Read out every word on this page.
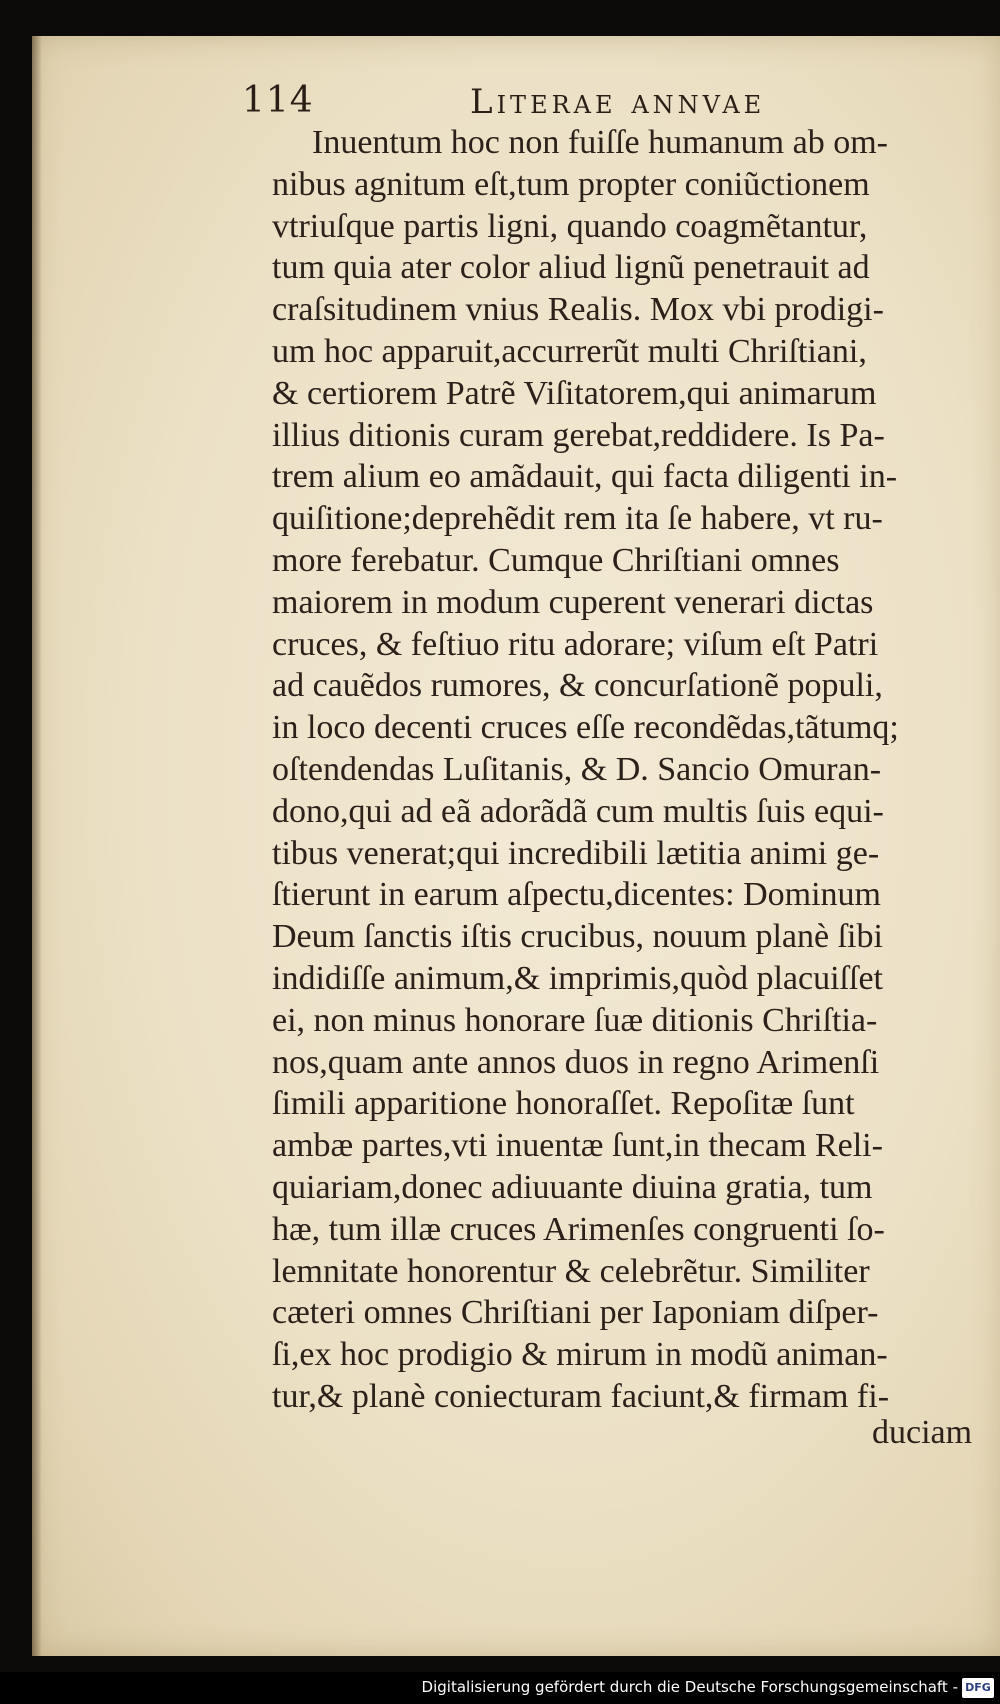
114	Literae annvae
Inuentum hoc non fuiſſe humanum ab om-
nibus agnitum eſt,tum propter coniũctionem
vtriuſque partis ligni, quando coagmẽtantur,
tum quia ater color aliud lignũ penetrauit ad
craſsitudinem vnius Realis. Mox vbi prodigi-
um hoc apparuit,accurrerũt multi Chriſtiani,
& certiorem Patrẽ Viſitatorem,qui animarum
illius ditionis curam gerebat,reddidere. Is Pa-
trem alium eo amãdauit, qui facta diligenti in-
quiſitione;deprehẽdit rem ita ſe habere, vt ru-
more ferebatur. Cumque Chriſtiani omnes
maiorem in modum cuperent venerari dictas
cruces, & feſtiuo ritu adorare; viſum eſt Patri
ad cauẽdos rumores, & concurſationẽ populi,
in loco decenti cruces eſſe recondẽdas,tãtumq;
oſtendendas Luſitanis, & D. Sancio Omuran-
dono,qui ad eã adorãdã cum multis ſuis equi-
tibus venerat;qui incredibili lætitia animi ge-
ſtierunt in earum aſpectu,dicentes: Dominum
Deum ſanctis iſtis crucibus, nouum planè ſibi
indidiſſe animum,& imprimis,quòd placuiſſet
ei, non minus honorare ſuæ ditionis Chriſtia-
nos,quam ante annos duos in regno Arimenſi
ſimili apparitione honoraſſet. Repoſitæ ſunt
ambæ partes,vti inuentæ ſunt,in thecam Reli-
quiariam,donec adiuuante diuina gratia, tum
hæ, tum illæ cruces Arimenſes congruenti ſo-
lemnitate honorentur & celebrẽtur. Similiter
cæteri omnes Chriſtiani per Iaponiam diſper-
ſi,ex hoc prodigio & mirum in modũ animan-
tur,& planè coniecturam faciunt,& firmam fi-
duciam
Digitalisierung gefördert durch die Deutsche Forschungsgemeinschaft - DFG
